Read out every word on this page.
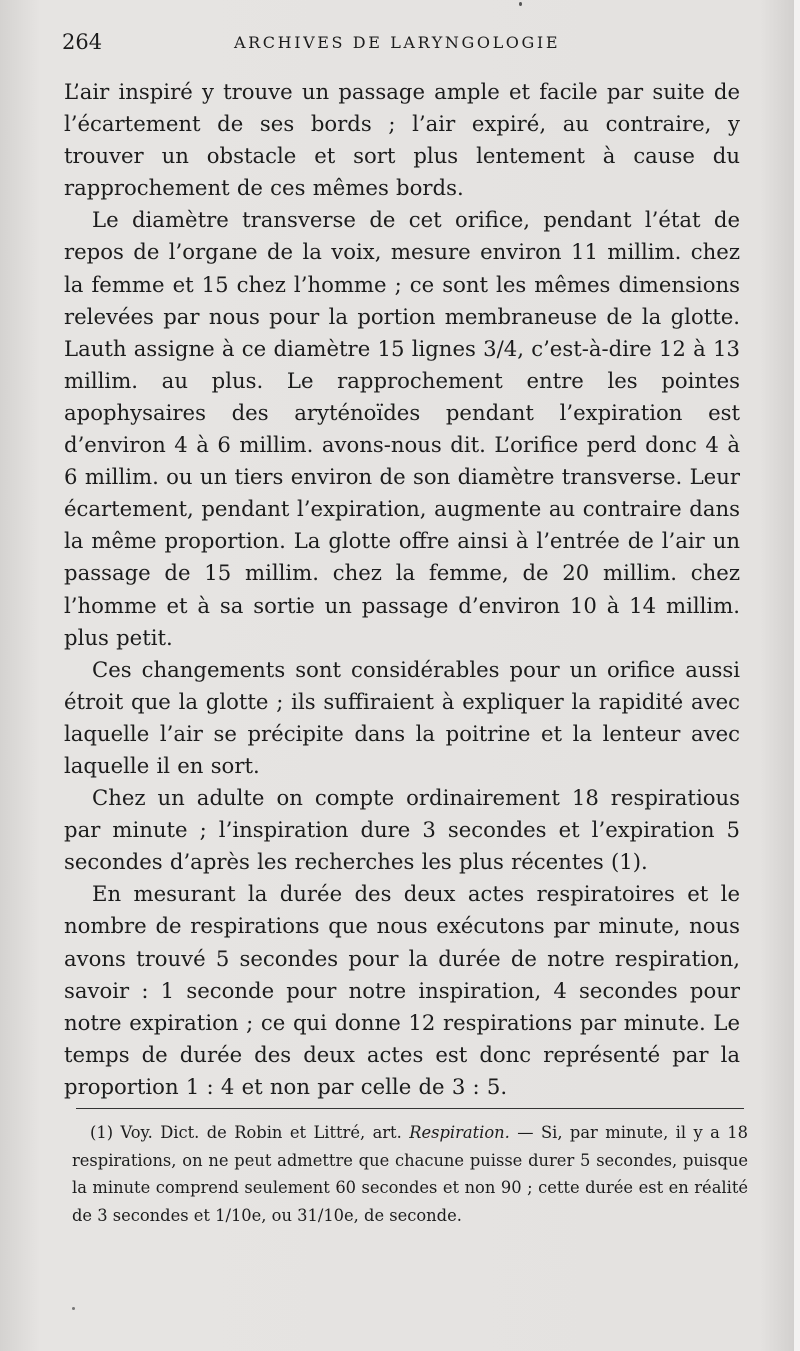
264	ARCHIVES DE LARYNGOLOGIE

L’air inspiré y trouve un passage ample et facile par suite de l’écartement de ses bords ; l’air expiré, au contraire, y trouver un obstacle et sort plus lentement à cause du rapprochement de ces mêmes bords.

Le diamètre transverse de cet orifice, pendant l’état de repos de l’organe de la voix, mesure environ 11 millim. chez la femme et 15 chez l’homme ; ce sont les mêmes dimensions relevées par nous pour la portion membraneuse de la glotte. Lauth assigne à ce diamètre 15 lignes 3/4, c’est-à-dire 12 à 13 millim. au plus. Le rapprochement entre les pointes apophysaires des aryténoïdes pendant l’expiration est d’environ 4 à 6 millim. avons-nous dit. L’orifice perd donc 4 à 6 millim. ou un tiers environ de son diamètre transverse. Leur écartement, pendant l’expiration, augmente au contraire dans la même proportion. La glotte offre ainsi à l’entrée de l’air un passage de 15 millim. chez la femme, de 20 millim. chez l’homme et à sa sortie un passage d’environ 10 à 14 millim. plus petit.

Ces changements sont considérables pour un orifice aussi étroit que la glotte ; ils suffiraient à expliquer la rapidité avec laquelle l’air se précipite dans la poitrine et la lenteur avec laquelle il en sort.

Chez un adulte on compte ordinairement 18 respiratious par minute ; l’inspiration dure 3 secondes et l’expiration 5 secondes d’après les recherches les plus récentes (1).

En mesurant la durée des deux actes respiratoires et le nombre de respirations que nous exécutons par minute, nous avons trouvé 5 secondes pour la durée de notre respiration, savoir : 1 seconde pour notre inspiration, 4 secondes pour notre expiration ; ce qui donne 12 respirations par minute. Le temps de durée des deux actes est donc représenté par la proportion 1 : 4 et non par celle de 3 : 5.

(1) Voy. Dict. de Robin et Littré, art. Respiration. — Si, par minute, il y a 18 respirations, on ne peut admettre que chacune puisse durer 5 secondes, puisque la minute comprend seulement 60 secondes et non 90 ; cette durée est en réalité de 3 secondes et 1/10e, ou 31/10e, de seconde.
